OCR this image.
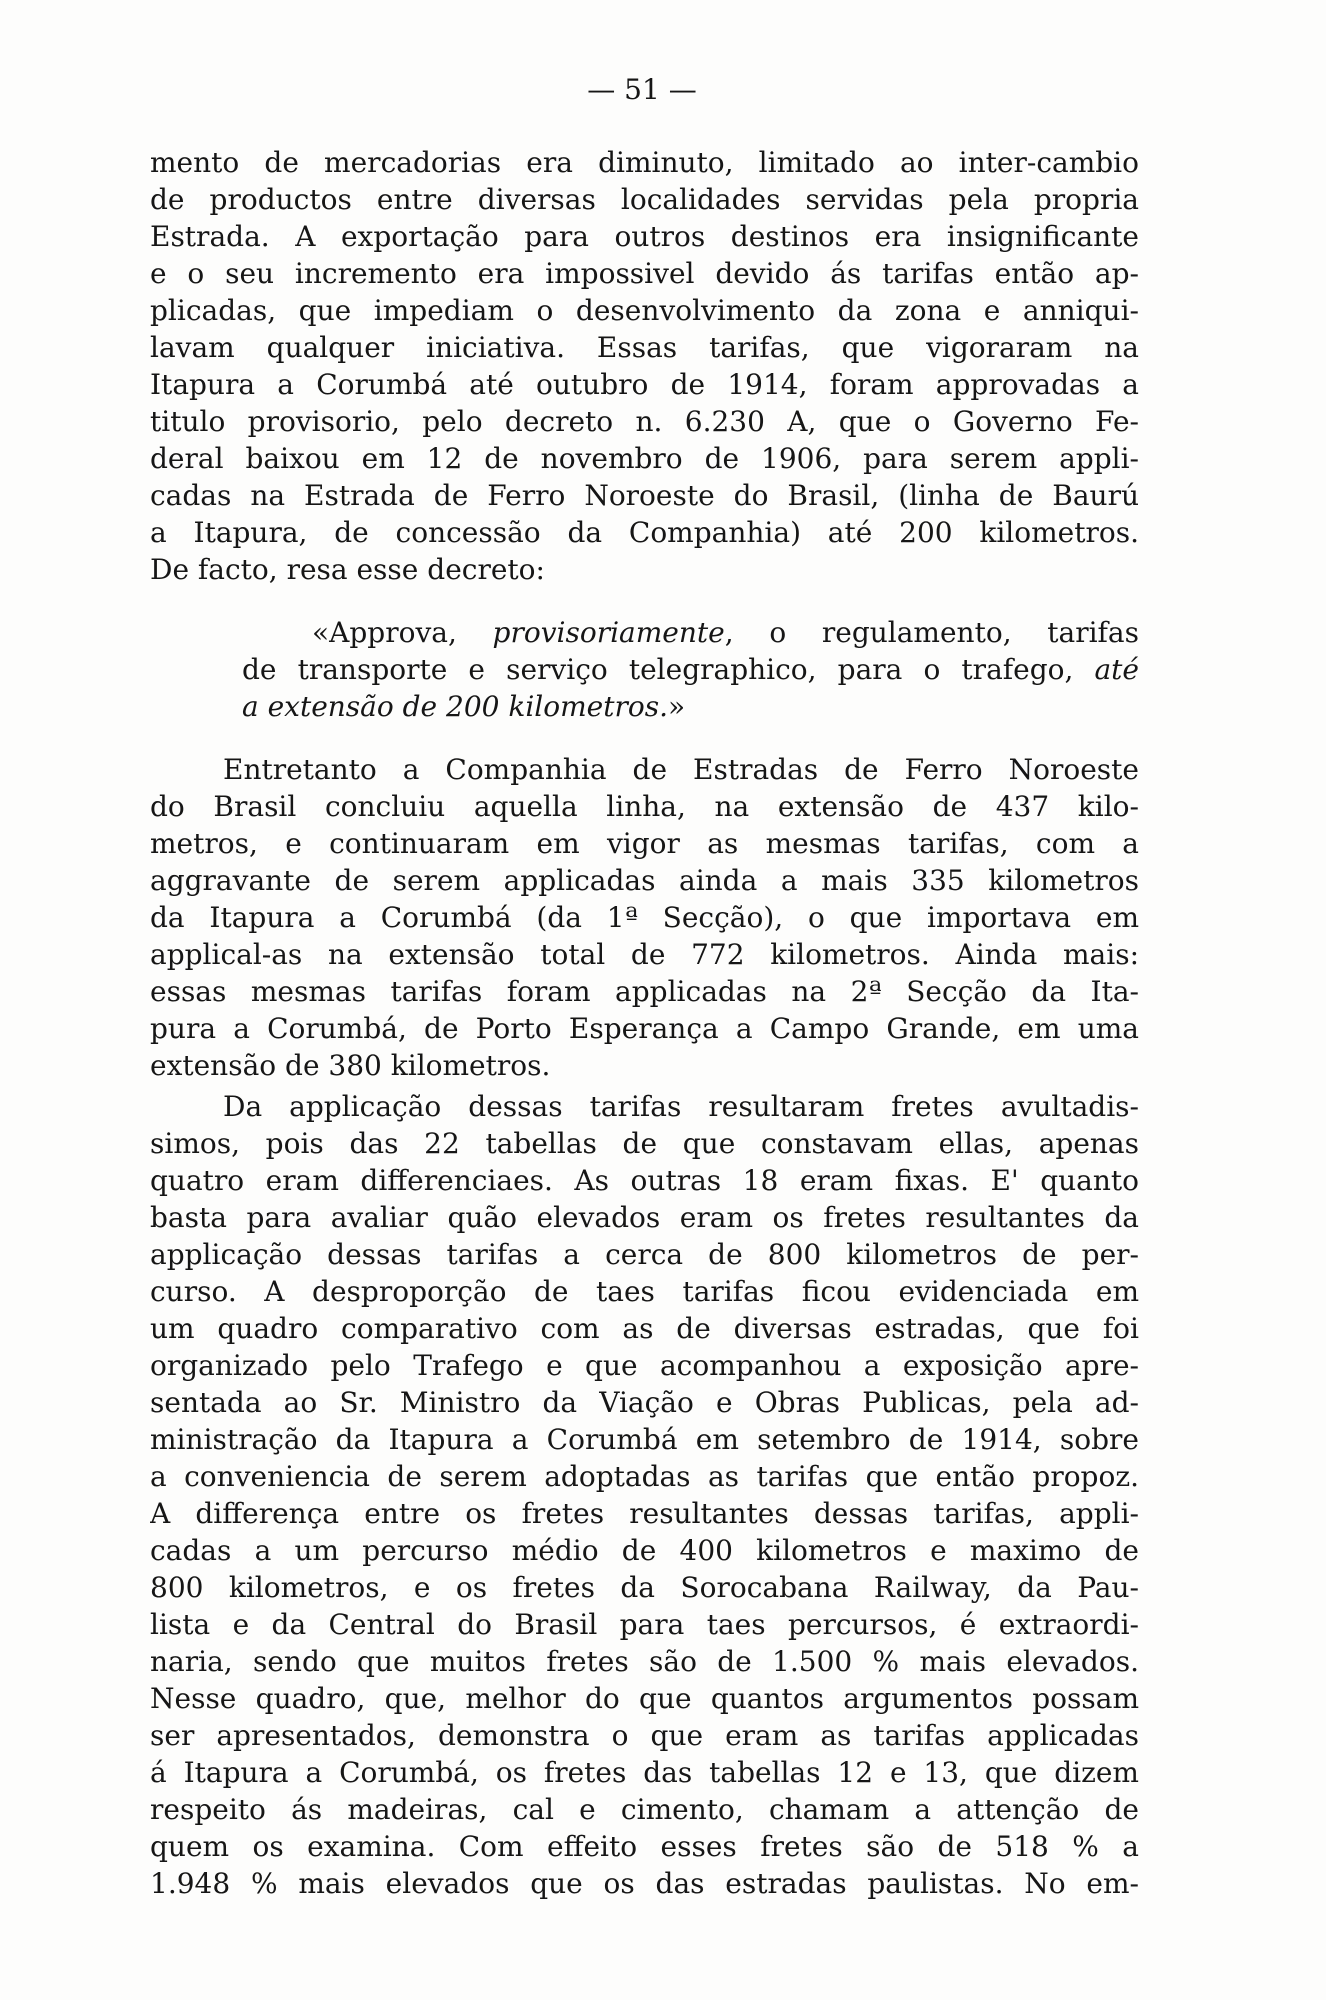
— 51 —
mento de mercadorias era diminuto, limitado ao inter-cambio
de productos entre diversas localidades servidas pela propria
Estrada. A exportação para outros destinos era insignificante
e o seu incremento era impossivel devido ás tarifas então ap-
plicadas, que impediam o desenvolvimento da zona e anniqui-
lavam qualquer iniciativa. Essas tarifas, que vigoraram na
Itapura a Corumbá até outubro de 1914, foram approvadas a
titulo provisorio, pelo decreto n. 6.230 A, que o Governo Fe-
deral baixou em 12 de novembro de 1906, para serem appli-
cadas na Estrada de Ferro Noroeste do Brasil, (linha de Baurú
a Itapura, de concessão da Companhia) até 200 kilometros.
De facto, resa esse decreto:
«Approva, provisoriamente, o regulamento, tarifas
de transporte e serviço telegraphico, para o trafego, até
a extensão de 200 kilometros.»
Entretanto a Companhia de Estradas de Ferro Noroeste
do Brasil concluiu aquella linha, na extensão de 437 kilo-
metros, e continuaram em vigor as mesmas tarifas, com a
aggravante de serem applicadas ainda a mais 335 kilometros
da Itapura a Corumbá (da 1ª Secção), o que importava em
applical-as na extensão total de 772 kilometros. Ainda mais:
essas mesmas tarifas foram applicadas na 2ª Secção da Ita-
pura a Corumbá, de Porto Esperança a Campo Grande, em uma
extensão de 380 kilometros.
Da applicação dessas tarifas resultaram fretes avultadis-
simos, pois das 22 tabellas de que constavam ellas, apenas
quatro eram differenciaes. As outras 18 eram fixas. E' quanto
basta para avaliar quão elevados eram os fretes resultantes da
applicação dessas tarifas a cerca de 800 kilometros de per-
curso. A desproporção de taes tarifas ficou evidenciada em
um quadro comparativo com as de diversas estradas, que foi
organizado pelo Trafego e que acompanhou a exposição apre-
sentada ao Sr. Ministro da Viação e Obras Publicas, pela ad-
ministração da Itapura a Corumbá em setembro de 1914, sobre
a conveniencia de serem adoptadas as tarifas que então propoz.
A differença entre os fretes resultantes dessas tarifas, appli-
cadas a um percurso médio de 400 kilometros e maximo de
800 kilometros, e os fretes da Sorocabana Railway, da Pau-
lista e da Central do Brasil para taes percursos, é extraordi-
naria, sendo que muitos fretes são de 1.500 % mais elevados.
Nesse quadro, que, melhor do que quantos argumentos possam
ser apresentados, demonstra o que eram as tarifas applicadas
á Itapura a Corumbá, os fretes das tabellas 12 e 13, que dizem
respeito ás madeiras, cal e cimento, chamam a attenção de
quem os examina. Com effeito esses fretes são de 518 % a
1.948 % mais elevados que os das estradas paulistas. No em-
